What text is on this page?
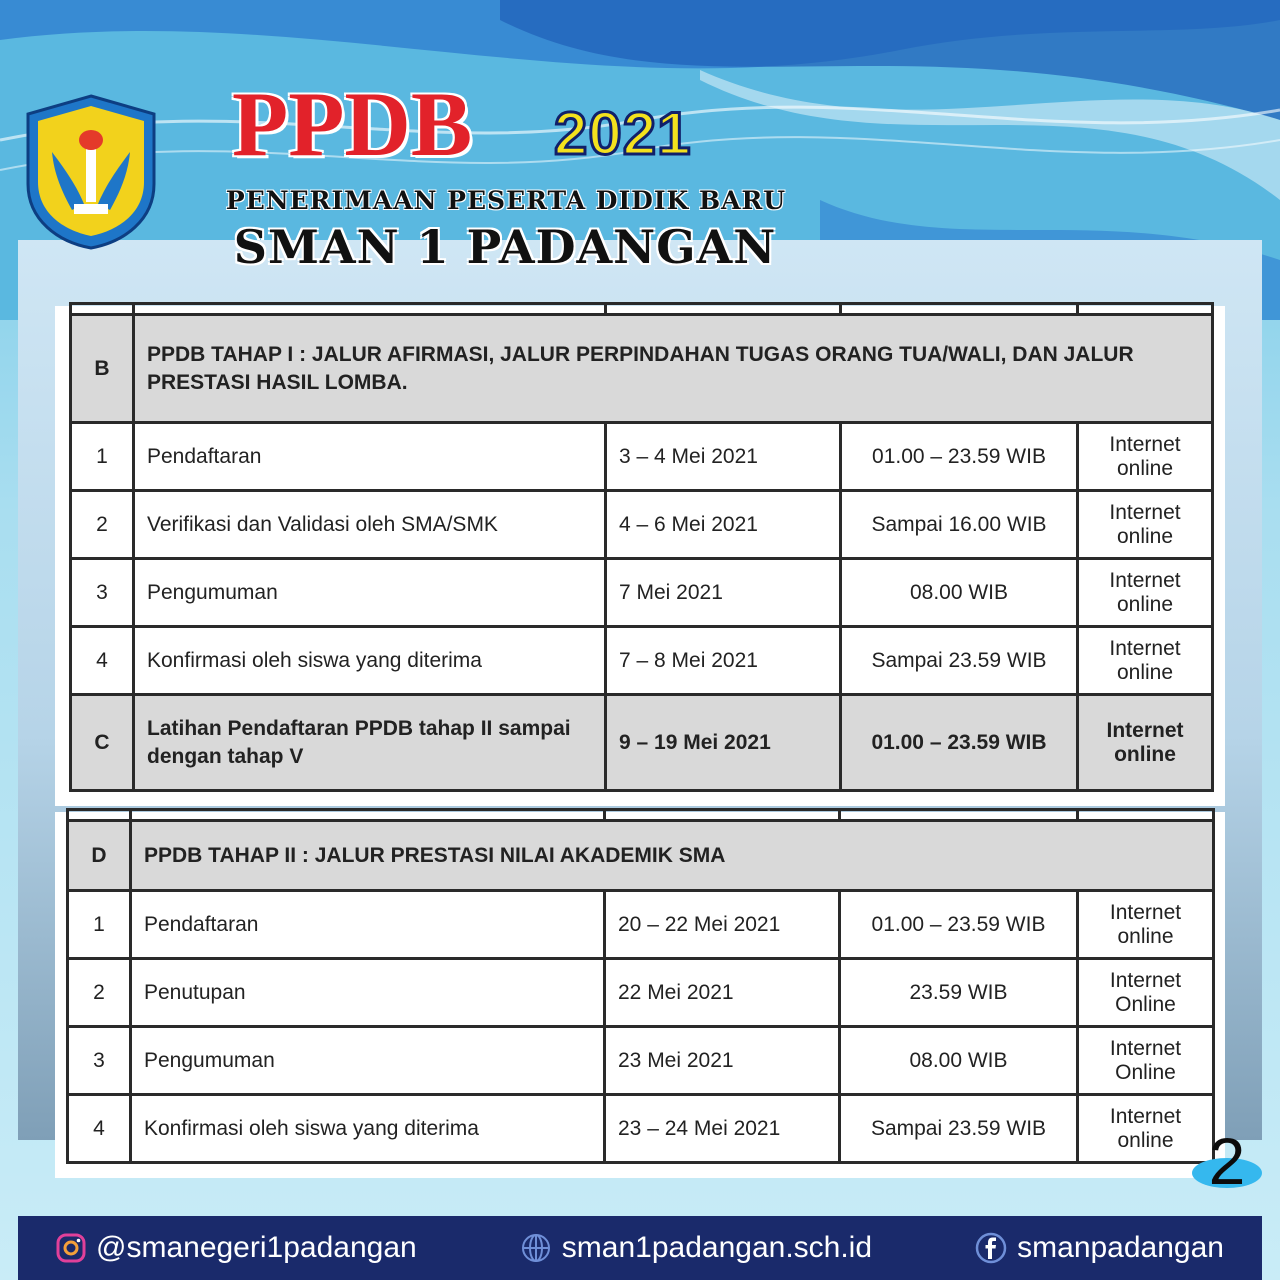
PPDB 2021
PENERIMAAN PESERTA DIDIK BARU
SMAN 1 PADANGAN

B	PPDB TAHAP I : JALUR AFIRMASI, JALUR PERPINDAHAN TUGAS ORANG TUA/WALI, DAN JALUR PRESTASI HASIL LOMBA.			
1	Pendaftaran	3 – 4 Mei 2021	01.00 – 23.59 WIB	Internet online
2	Verifikasi dan Validasi oleh SMA/SMK	4 – 6 Mei 2021	Sampai 16.00 WIB	Internet online
3	Pengumuman	7 Mei 2021	08.00 WIB	Internet online
4	Konfirmasi oleh siswa yang diterima	7 – 8 Mei 2021	Sampai 23.59 WIB	Internet online
C	Latihan Pendaftaran PPDB tahap II sampai dengan tahap V	9 – 19 Mei 2021	01.00 – 23.59 WIB	Internet online

D	PPDB TAHAP II : JALUR PRESTASI NILAI AKADEMIK SMA			
1	Pendaftaran	20 – 22 Mei 2021	01.00 – 23.59 WIB	Internet online
2	Penutupan	22 Mei 2021	23.59 WIB	Internet Online
3	Pengumuman	23 Mei 2021	08.00 WIB	Internet Online
4	Konfirmasi oleh siswa yang diterima	23 – 24 Mei 2021	Sampai 23.59 WIB	Internet online 2
@smanegeri1padangan	sman1padangan.sch.id	smanpadangan
